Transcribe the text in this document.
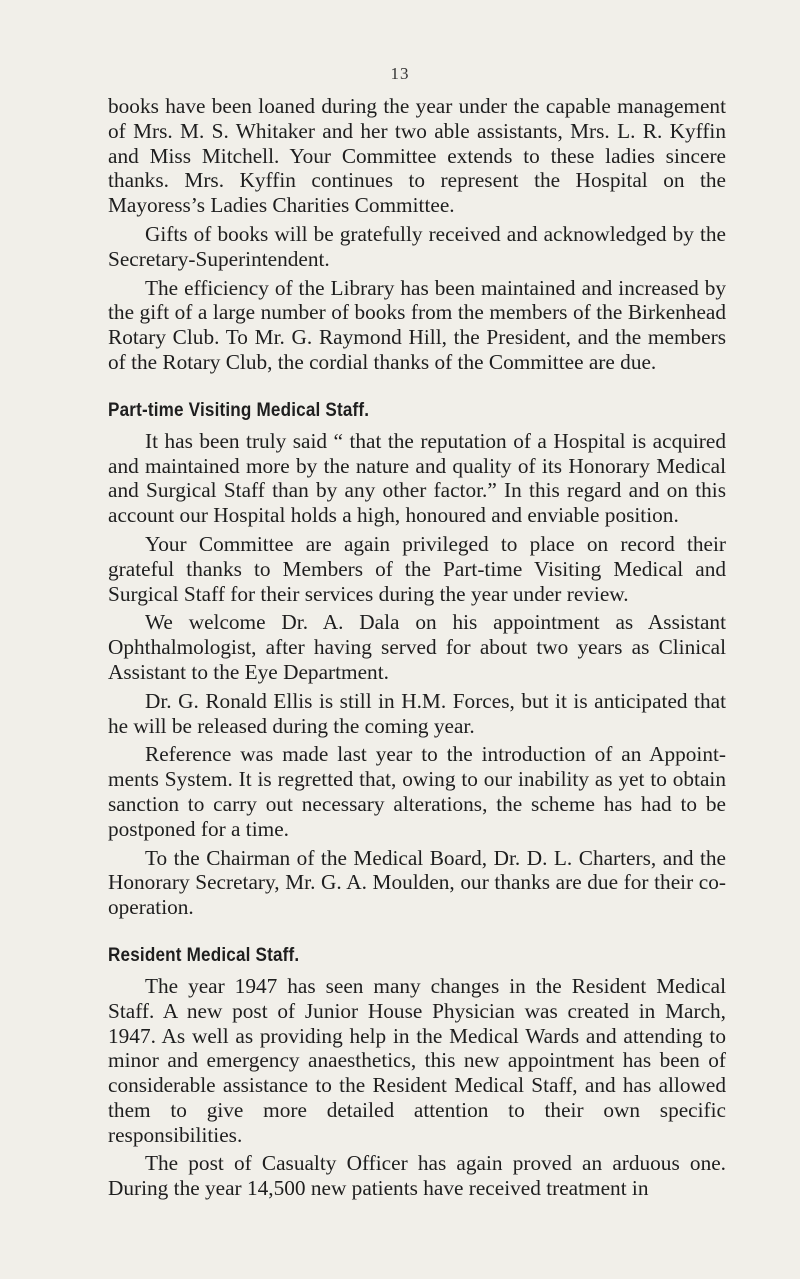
13

books have been loaned during the year under the capable management of Mrs. M. S. Whitaker and her two able assistants, Mrs. L. R. Kyffin and Miss Mitchell. Your Committee extends to these ladies sincere thanks. Mrs. Kyffin continues to represent the Hospital on the Mayoress’s Ladies Charities Committee.

Gifts of books will be gratefully received and acknowledged by the Secretary-Superintendent.

The efficiency of the Library has been maintained and increased by the gift of a large number of books from the members of the Birkenhead Rotary Club. To Mr. G. Raymond Hill, the President, and the members of the Rotary Club, the cordial thanks of the Committee are due.

Part-time Visiting Medical Staff.

It has been truly said “ that the reputation of a Hospital is acquired and maintained more by the nature and quality of its Honorary Medical and Surgical Staff than by any other factor.” In this regard and on this account our Hospital holds a high, honoured and enviable position.

Your Committee are again privileged to place on record their grateful thanks to Members of the Part-time Visiting Medical and Surgical Staff for their services during the year under review.

We welcome Dr. A. Dala on his appointment as Assistant Ophthalmologist, after having served for about two years as Clinical Assistant to the Eye Department.

Dr. G. Ronald Ellis is still in H.M. Forces, but it is anticipated that he will be released during the coming year.

Reference was made last year to the introduction of an Appointments System. It is regretted that, owing to our inability as yet to obtain sanction to carry out necessary alterations, the scheme has had to be postponed for a time.

To the Chairman of the Medical Board, Dr. D. L. Charters, and the Honorary Secretary, Mr. G. A. Moulden, our thanks are due for their co-operation.

Resident Medical Staff.

The year 1947 has seen many changes in the Resident Medical Staff. A new post of Junior House Physician was created in March, 1947. As well as providing help in the Medical Wards and attending to minor and emergency anaesthetics, this new appointment has been of considerable assistance to the Resident Medical Staff, and has allowed them to give more detailed attention to their own specific responsibilities.

The post of Casualty Officer has again proved an arduous one. During the year 14,500 new patients have received treatment in
